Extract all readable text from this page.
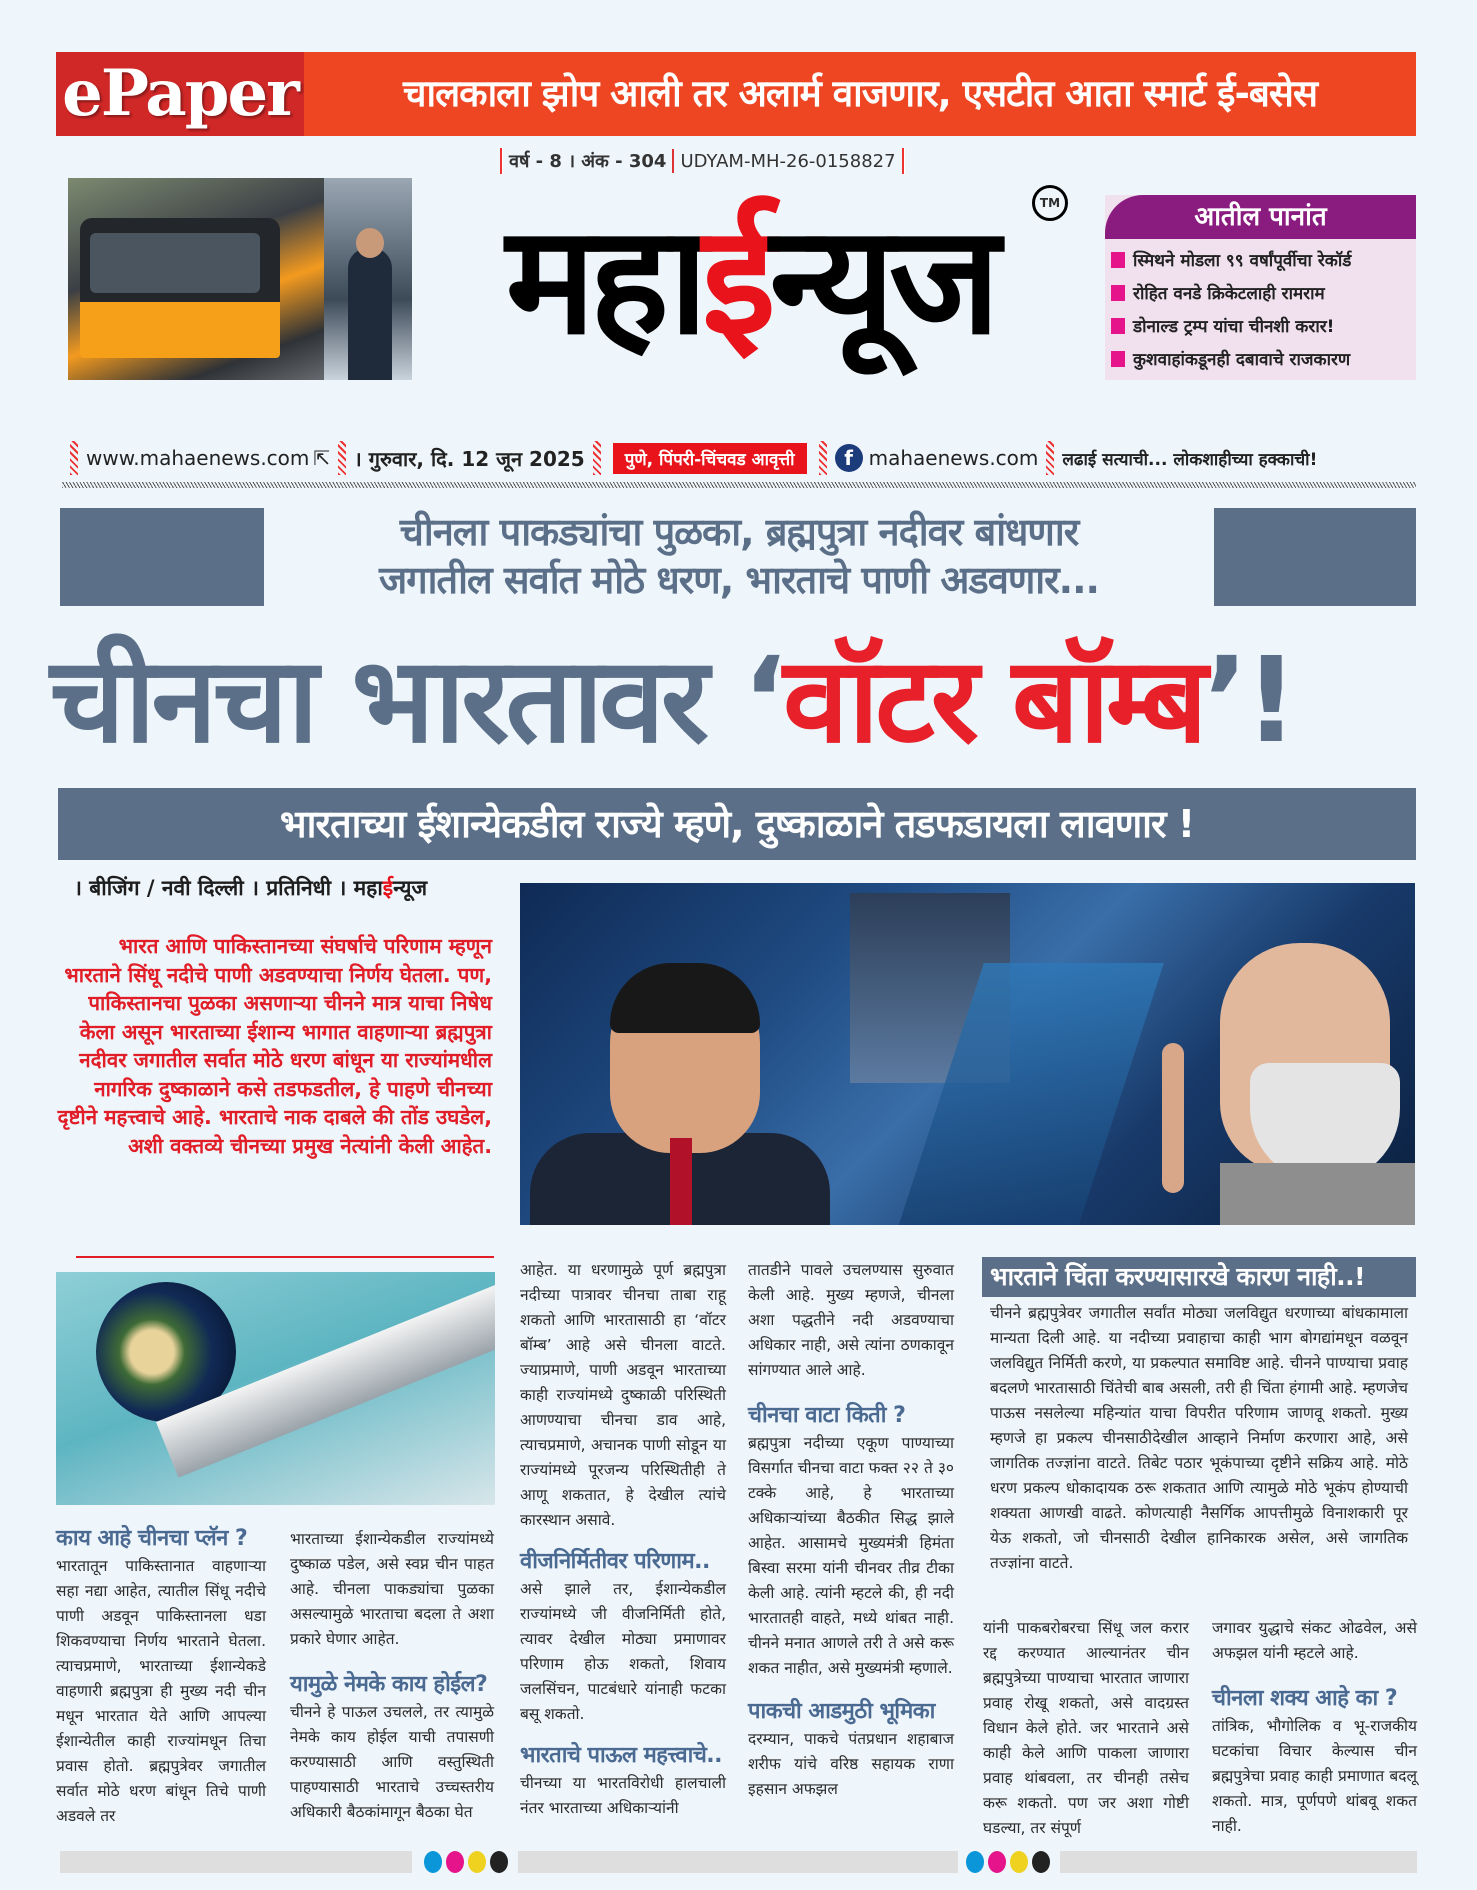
ePaper	चालकाला झोप आली तर अलार्म वाजणार, एसटीत आता स्मार्ट ई-बसेस
वर्ष - 8 । अंक - 304 UDYAM-MH-26-0158827
महाईन्यूज	TM	आतील पानांत
स्मिथने मोडला ९९ वर्षांपूर्वीचा रेकॉर्ड
रोहित वनडे क्रिकेटलाही रामराम
डोनाल्ड ट्रम्प यांचा चीनशी करार!
कुशवाहांकडूनही दबावाचे राजकारण
www.mahaenews.com ⇱ । गुरुवार, दि. 12 जून 2025	पुणे, पिंपरी-चिंचवड आवृत्ती	f mahaenews.com लढाई सत्याची... लोकशाहीच्या हक्काची!
चीनला पाकड्यांचा पुळका, ब्रह्मपुत्रा नदीवर बांधणार
जगातील सर्वात मोठे धरण, भारताचे पाणी अडवणार...
चीनचा भारतावर ‘वॉटर बॉम्ब’!
भारताच्या ईशान्येकडील राज्ये म्हणे, दुष्काळाने तडफडायला लावणार !
। बीजिंग / नवी दिल्ली । प्रतिनिधी । महाईन्यूज
भारत आणि पाकिस्तानच्या संघर्षाचे परिणाम म्हणून भारताने सिंधू नदीचे पाणी अडवण्याचा निर्णय घेतला. पण, पाकिस्तानचा पुळका असणाऱ्या चीनने मात्र याचा निषेध केला असून भारताच्या ईशान्य भागात वाहणाऱ्या ब्रह्मपुत्रा नदीवर जगातील सर्वात मोठे धरण बांधून या राज्यांमधील नागरिक दुष्काळाने कसे तडफडतील, हे पाहणे चीनच्या दृष्टीने महत्त्वाचे आहे. भारताचे नाक दाबले की तोंड उघडेल, अशी वक्तव्ये चीनच्या प्रमुख नेत्यांनी केली आहेत.
काय आहे चीनचा प्लॅन ?
भारतातून पाकिस्तानात वाहणाऱ्या सहा नद्या आहेत, त्यातील सिंधू नदीचे पाणी अडवून पाकिस्तानला धडा शिकवण्याचा निर्णय भारताने घेतला. त्याचप्रमाणे, भारताच्या ईशान्येकडे वाहणारी ब्रह्मपुत्रा ही मुख्य नदी चीन मधून भारतात येते आणि आपल्या ईशान्येतील काही राज्यांमधून तिचा प्रवास होतो. ब्रह्मपुत्रेवर जगातील सर्वात मोठे धरण बांधून तिचे पाणी अडवले तर
भारताच्या ईशान्येकडील राज्यांमध्ये दुष्काळ पडेल, असे स्वप्न चीन पाहत आहे. चीनला पाकड्यांचा पुळका असल्यामुळे भारताचा बदला ते अशा प्रकारे घेणार आहेत.
यामुळे नेमके काय होईल?
चीनने हे पाऊल उचलले, तर त्यामुळे नेमके काय होईल याची तपासणी करण्यासाठी आणि वस्तुस्थिती पाहण्यासाठी भारताचे उच्चस्तरीय अधिकारी बैठकांमागून बैठका घेत
आहेत. या धरणामुळे पूर्ण ब्रह्मपुत्रा नदीच्या पात्रावर चीनचा ताबा राहू शकतो आणि भारतासाठी हा ‘वॉटर बॉम्ब’ आहे असे चीनला वाटते. ज्याप्रमाणे, पाणी अडवून भारताच्या काही राज्यांमध्ये दुष्काळी परिस्थिती आणण्याचा चीनचा डाव आहे, त्याचप्रमाणे, अचानक पाणी सोडून या राज्यांमध्ये पूरजन्य परिस्थितीही ते आणू शकतात, हे देखील त्यांचे कारस्थान असावे.
वीजनिर्मितीवर परिणाम..
असे झाले तर, ईशान्येकडील राज्यांमध्ये जी वीजनिर्मिती होते, त्यावर देखील मोठ्या प्रमाणावर परिणाम होऊ शकतो, शिवाय जलसिंचन, पाटबंधारे यांनाही फटका बसू शकतो.
भारताचे पाऊल महत्त्वाचे..
चीनच्या या भारतविरोधी हालचाली नंतर भारताच्या अधिकाऱ्यांनी
तातडीने पावले उचलण्यास सुरुवात केली आहे. मुख्य म्हणजे, चीनला अशा पद्धतीने नदी अडवण्याचा अधिकार नाही, असे त्यांना ठणकावून सांगण्यात आले आहे.
चीनचा वाटा किती ?
ब्रह्मपुत्रा नदीच्या एकूण पाण्याच्या विसर्गात चीनचा वाटा फक्त २२ ते ३० टक्के आहे, हे भारताच्या अधिकाऱ्यांच्या बैठकीत सिद्ध झाले आहेत. आसामचे मुख्यमंत्री हिमंता बिस्वा सरमा यांनी चीनवर तीव्र टीका केली आहे. त्यांनी म्हटले की, ही नदी भारतातही वाहते, मध्ये थांबत नाही. चीनने मनात आणले तरी ते असे करू शकत नाहीत, असे मुख्यमंत्री म्हणाले.
पाकची आडमुठी भूमिका
दरम्यान, पाकचे पंतप्रधान शहाबाज शरीफ यांचे वरिष्ठ सहायक राणा इहसान अफझल
भारताने चिंता करण्यासारखे कारण नाही..!
चीनने ब्रह्मपुत्रेवर जगातील सर्वांत मोठ्या जलविद्युत धरणाच्या बांधकामाला मान्यता दिली आहे. या नदीच्या प्रवाहाचा काही भाग बोगद्यांमधून वळवून जलविद्युत निर्मिती करणे, या प्रकल्पात समाविष्ट आहे. चीनने पाण्याचा प्रवाह बदलणे भारतासाठी चिंतेची बाब असली, तरी ही चिंता हंगामी आहे. म्हणजेच पाऊस नसलेल्या महिन्यांत याचा विपरीत परिणाम जाणवू शकतो. मुख्य म्हणजे हा प्रकल्प चीनसाठीदेखील आव्हाने निर्माण करणारा आहे, असे जागतिक तज्ज्ञांना वाटते. तिबेट पठार भूकंपाच्या दृष्टीने सक्रिय आहे. मोठे धरण प्रकल्प धोकादायक ठरू शकतात आणि त्यामुळे मोठे भूकंप होण्याची शक्यता आणखी वाढते. कोणत्याही नैसर्गिक आपत्तीमुळे विनाशकारी पूर येऊ शकतो, जो चीनसाठी देखील हानिकारक असेल, असे जागतिक तज्ज्ञांना वाटते.
यांनी पाकबरोबरचा सिंधू जल करार रद्द करण्यात आल्यानंतर चीन ब्रह्मपुत्रेच्या पाण्याचा भारतात जाणारा प्रवाह रोखू शकतो, असे वादग्रस्त विधान केले होते. जर भारताने असे काही केले आणि पाकला जाणारा प्रवाह थांबवला, तर चीनही तसेच करू शकतो. पण जर अशा गोष्टी घडल्या, तर संपूर्ण
जगावर युद्धाचे संकट ओढवेल, असे अफझल यांनी म्हटले आहे.
चीनला शक्य आहे का ?
तांत्रिक, भौगोलिक व भू-राजकीय घटकांचा विचार केल्यास चीन ब्रह्मपुत्रेचा प्रवाह काही प्रमाणात बदलू शकतो. मात्र, पूर्णपणे थांबवू शकत नाही.
